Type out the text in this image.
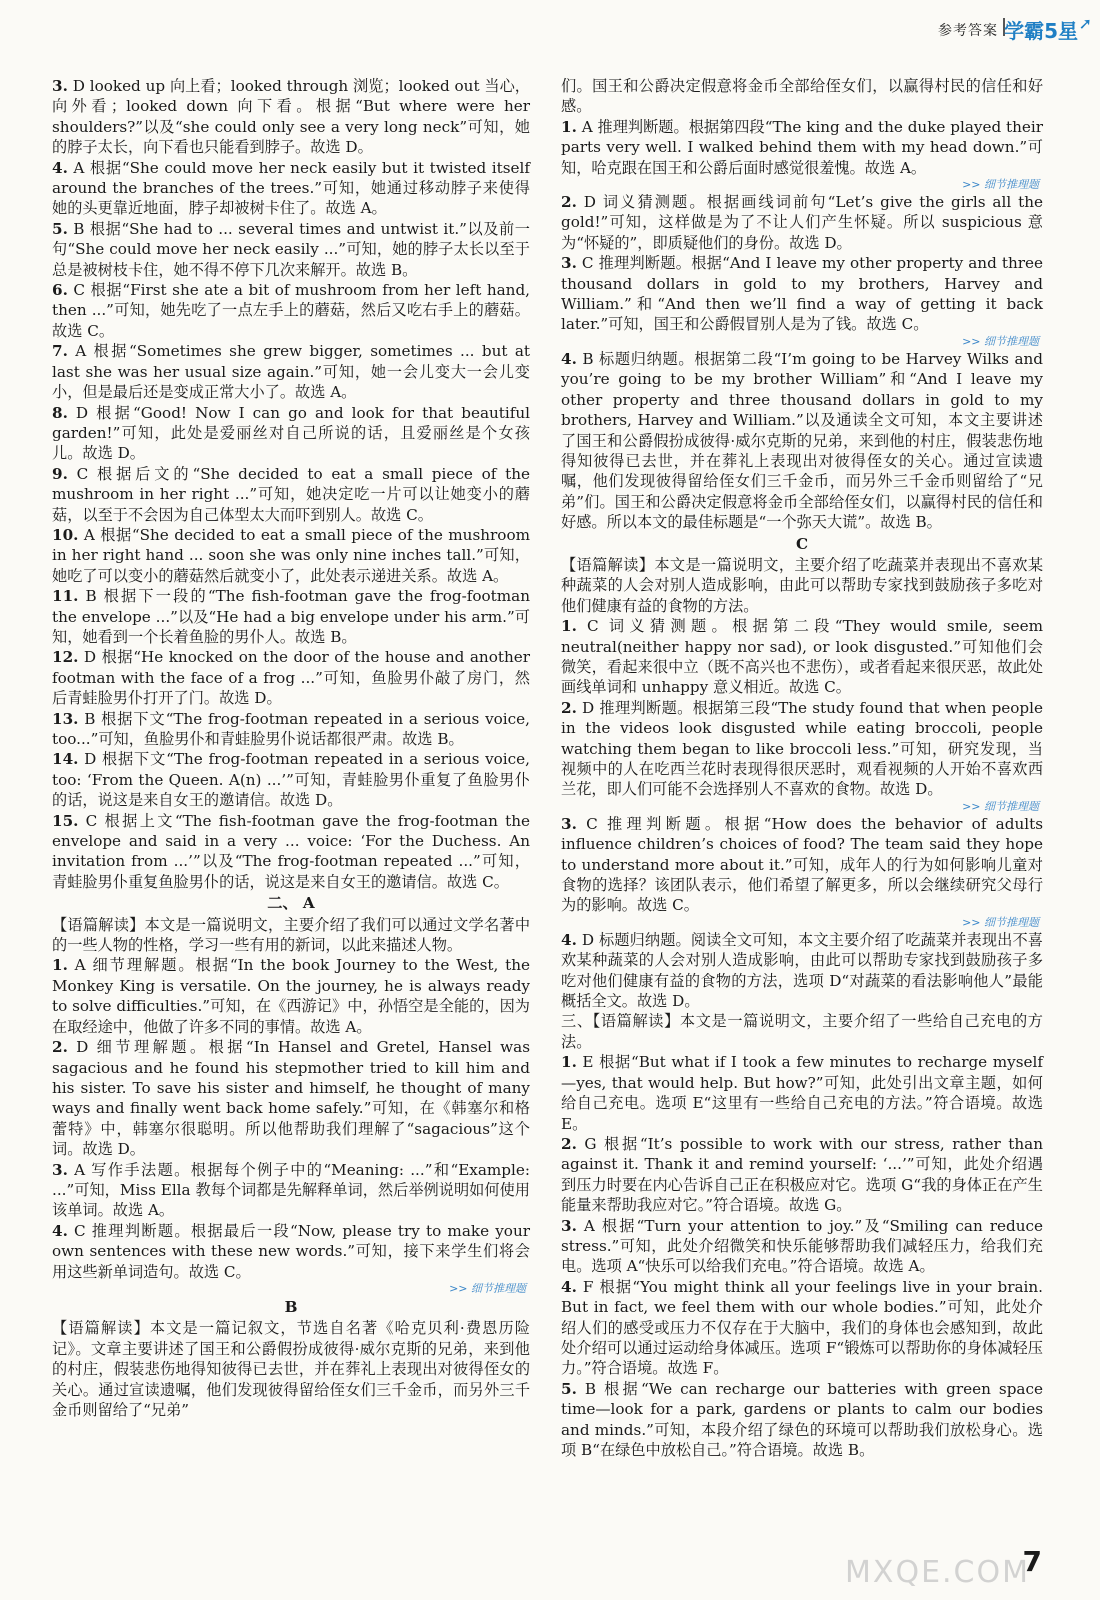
参考答案 学霸5星 ➚

3. D looked up 向上看；looked through 浏览；looked out 当心，向外看；looked down 向下看。根据“But where were her shoulders?”以及“she could only see a very long neck”可知，她的脖子太长，向下看也只能看到脖子。故选 D。

4. A 根据“She could move her neck easily but it twisted itself around the branches of the trees.”可知，她通过移动脖子来使得她的头更靠近地面，脖子却被树卡住了。故选 A。

5. B 根据“She had to ... several times and untwist it.”以及前一句“She could move her neck easily ...”可知，她的脖子太长以至于总是被树枝卡住，她不得不停下几次来解开。故选 B。

6. C 根据“First she ate a bit of mushroom from her left hand, then ...”可知，她先吃了一点左手上的蘑菇，然后又吃右手上的蘑菇。故选 C。

7. A 根据“Sometimes she grew bigger, sometimes ... but at last she was her usual size again.”可知，她一会儿变大一会儿变小，但是最后还是变成正常大小了。故选 A。

8. D 根据“Good! Now I can go and look for that beautiful garden!”可知，此处是爱丽丝对自己所说的话，且爱丽丝是个女孩儿。故选 D。

9. C 根据后文的“She decided to eat a small piece of the mushroom in her right ...”可知，她决定吃一片可以让她变小的蘑菇，以至于不会因为自己体型太大而吓到别人。故选 C。

10. A 根据“She decided to eat a small piece of the mushroom in her right hand ... soon she was only nine inches tall.”可知，她吃了可以变小的蘑菇然后就变小了，此处表示递进关系。故选 A。

11. B 根据下一段的“The fish-footman gave the frog-footman the envelope ...”以及“He had a big envelope under his arm.”可知，她看到一个长着鱼脸的男仆人。故选 B。

12. D 根据“He knocked on the door of the house and another footman with the face of a frog ...”可知，鱼脸男仆敲了房门，然后青蛙脸男仆打开了门。故选 D。

13. B 根据下文“The frog-footman repeated in a serious voice, too...”可知，鱼脸男仆和青蛙脸男仆说话都很严肃。故选 B。

14. D 根据下文“The frog-footman repeated in a serious voice, too: ‘From the Queen. A(n) ...’”可知，青蛙脸男仆重复了鱼脸男仆的话，说这是来自女王的邀请信。故选 D。

15. C 根据上文“The fish-footman gave the frog-footman the envelope and said in a very ... voice: ‘For the Duchess. An invitation from ...’”以及“The frog-footman repeated ...”可知，青蛙脸男仆重复鱼脸男仆的话，说这是来自女王的邀请信。故选 C。

二、 A

【语篇解读】本文是一篇说明文，主要介绍了我们可以通过文学名著中的一些人物的性格，学习一些有用的新词，以此来描述人物。

1. A 细节理解题。根据“In the book Journey to the West, the Monkey King is versatile. On the journey, he is always ready to solve difficulties.”可知，在《西游记》中，孙悟空是全能的，因为在取经途中，他做了许多不同的事情。故选 A。

2. D 细节理解题。根据“In Hansel and Gretel, Hansel was sagacious and he found his stepmother tried to kill him and his sister. To save his sister and himself, he thought of many ways and finally went back home safely.”可知，在《韩塞尔和格蕾特》中，韩塞尔很聪明。所以他帮助我们理解了“sagacious”这个词。故选 D。

3. A 写作手法题。根据每个例子中的“Meaning: ...”和“Example: ...”可知，Miss Ella 教每个词都是先解释单词，然后举例说明如何使用该单词。故选 A。

4. C 推理判断题。根据最后一段“Now, please try to make your own sentences with these new words.”可知，接下来学生们将会用这些新单词造句。故选 C。

>> 细节推理题
B

【语篇解读】本文是一篇记叙文，节选自名著《哈克贝利·费恩历险记》。文章主要讲述了国王和公爵假扮成彼得·威尔克斯的兄弟，来到他的村庄，假装悲伤地得知彼得已去世，并在葬礼上表现出对彼得侄女的关心。通过宣读遗嘱，他们发现彼得留给侄女们三千金币，而另外三千金币则留给了“兄弟”

们。国王和公爵决定假意将金币全部给侄女们，以赢得村民的信任和好感。

1. A 推理判断题。根据第四段“The king and the duke played their parts very well. I walked behind them with my head down.”可知，哈克跟在国王和公爵后面时感觉很羞愧。故选 A。

>> 细节推理题

2. D 词义猜测题。根据画线词前句“Let’s give the girls all the gold!”可知，这样做是为了不让人们产生怀疑。所以 suspicious 意为“怀疑的”，即质疑他们的身份。故选 D。

3. C 推理判断题。根据“And I leave my other property and three thousand dollars in gold to my brothers, Harvey and William.”和“And then we’ll find a way of getting it back later.”可知，国王和公爵假冒别人是为了钱。故选 C。

>> 细节推理题

4. B 标题归纳题。根据第二段“I’m going to be Harvey Wilks and you’re going to be my brother William”和“And I leave my other property and three thousand dollars in gold to my brothers, Harvey and William.”以及通读全文可知，本文主要讲述了国王和公爵假扮成彼得·威尔克斯的兄弟，来到他的村庄，假装悲伤地得知彼得已去世，并在葬礼上表现出对彼得侄女的关心。通过宣读遗嘱，他们发现彼得留给侄女们三千金币，而另外三千金币则留给了“兄弟”们。国王和公爵决定假意将金币全部给侄女们，以赢得村民的信任和好感。所以本文的最佳标题是“一个弥天大谎”。故选 B。

C

【语篇解读】本文是一篇说明文，主要介绍了吃蔬菜并表现出不喜欢某种蔬菜的人会对别人造成影响，由此可以帮助专家找到鼓励孩子多吃对他们健康有益的食物的方法。

1. C 词义猜测题。根据第二段“They would smile, seem neutral(neither happy nor sad), or look disgusted.”可知他们会微笑，看起来很中立（既不高兴也不悲伤），或者看起来很厌恶，故此处画线单词和 unhappy 意义相近。故选 C。

2. D 推理判断题。根据第三段“The study found that when people in the videos look disgusted while eating broccoli, people watching them began to like broccoli less.”可知，研究发现，当视频中的人在吃西兰花时表现得很厌恶时，观看视频的人开始不喜欢西兰花，即人们可能不会选择别人不喜欢的食物。故选 D。

>> 细节推理题

3. C 推理判断题。根据“How does the behavior of adults influence children’s choices of food? The team said they hope to understand more about it.”可知，成年人的行为如何影响儿童对食物的选择？该团队表示，他们希望了解更多，所以会继续研究父母行为的影响。故选 C。

>> 细节推理题

4. D 标题归纳题。阅读全文可知，本文主要介绍了吃蔬菜并表现出不喜欢某种蔬菜的人会对别人造成影响，由此可以帮助专家找到鼓励孩子多吃对他们健康有益的食物的方法，选项 D“对蔬菜的看法影响他人”最能概括全文。故选 D。

三、【语篇解读】本文是一篇说明文，主要介绍了一些给自己充电的方法。

1. E 根据“But what if I took a few minutes to recharge myself—yes, that would help. But how?”可知，此处引出文章主题，如何给自己充电。选项 E“这里有一些给自己充电的方法。”符合语境。故选 E。

2. G 根据“It’s possible to work with our stress, rather than against it. Thank it and remind yourself: ‘...’”可知，此处介绍遇到压力时要在内心告诉自己正在积极应对它。选项 G“我的身体正在产生能量来帮助我应对它。”符合语境。故选 G。

3. A 根据“Turn your attention to joy.”及“Smiling can reduce stress.”可知，此处介绍微笑和快乐能够帮助我们减轻压力，给我们充电。选项 A“快乐可以给我们充电。”符合语境。故选 A。

4. F 根据“You might think all your feelings live in your brain. But in fact, we feel them with our whole bodies.”可知，此处介绍人们的感受或压力不仅存在于大脑中，我们的身体也会感知到，故此处介绍可以通过运动给身体减压。选项 F“锻炼可以帮助你的身体减轻压力。”符合语境。故选 F。

5. B 根据“We can recharge our batteries with green space time—look for a park, gardens or plants to calm our bodies and minds.”可知，本段介绍了绿色的环境可以帮助我们放松身心。选项 B“在绿色中放松自己。”符合语境。故选 B。

MXQE.COM
7
